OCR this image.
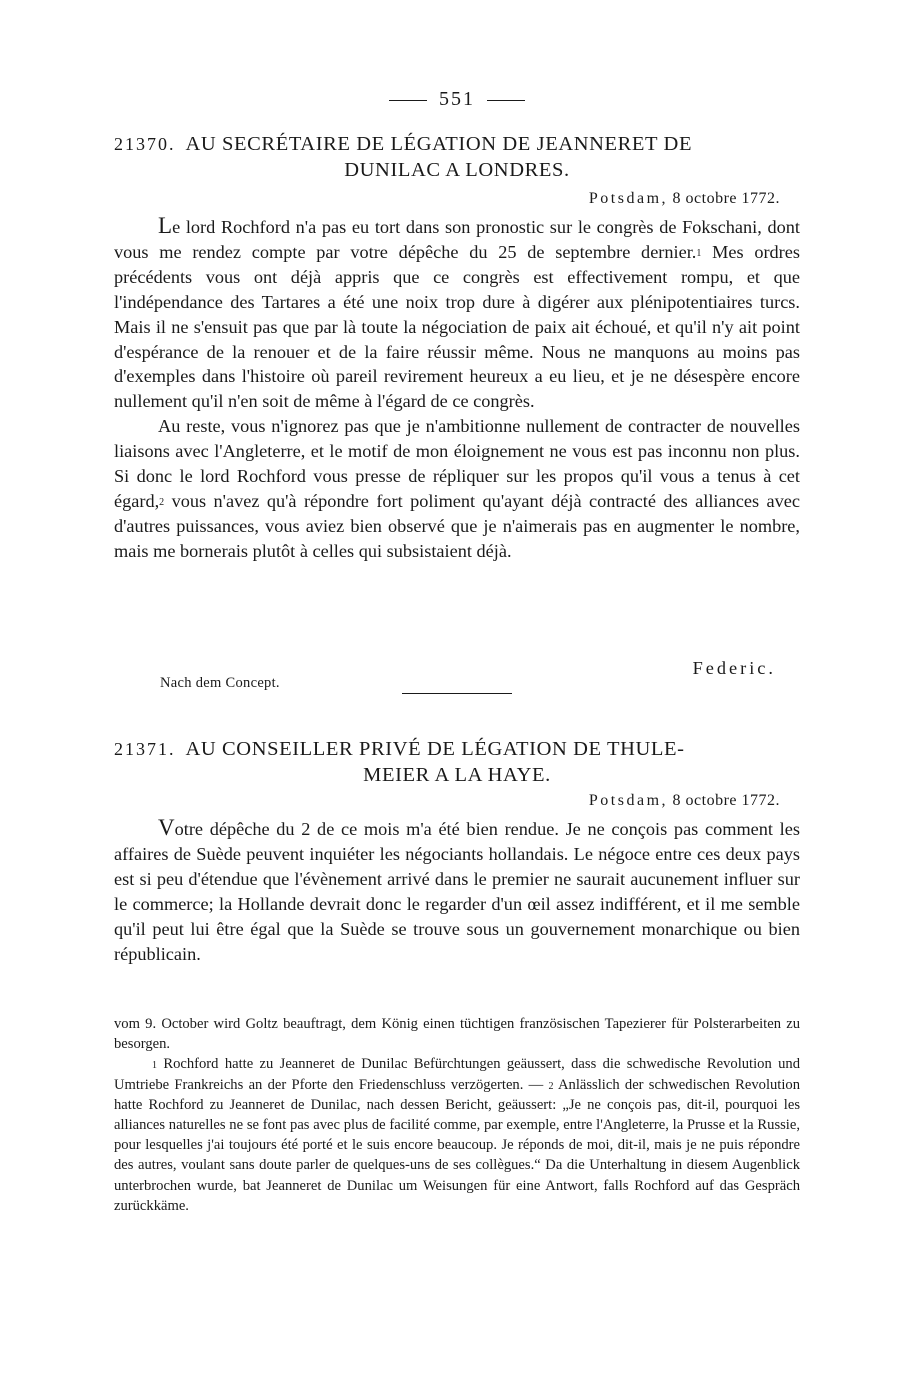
551
21370. AU SECRÉTAIRE DE LÉGATION DE JEANNERET DE
DUNILAC A LONDRES.
Potsdam, 8 octobre 1772.

Le lord Rochford n'a pas eu tort dans son pronostic sur le congrès de Fokschani, dont vous me rendez compte par votre dépêche du 25 de septembre dernier.$^1$ Mes ordres précédents vous ont déjà appris que ce congrès est effectivement rompu, et que l'indépendance des Tartares a été une noix trop dure à digérer aux plénipotentiaires turcs. Mais il ne s'ensuit pas que par là toute la négociation de paix ait échoué, et qu'il n'y ait point d'espérance de la renouer et de la faire réussir même. Nous ne manquons au moins pas d'exemples dans l'histoire où pareil revirement heureux a eu lieu, et je ne désespère encore nullement qu'il n'en soit de même à l'égard de ce congrès.

Au reste, vous n'ignorez pas que je n'ambitionne nullement de contracter de nouvelles liaisons avec l'Angleterre, et le motif de mon éloignement ne vous est pas inconnu non plus. Si donc le lord Rochford vous presse de répliquer sur les propos qu'il vous a tenus à cet égard,$^2$ vous n'avez qu'à répondre fort poliment qu'ayant déjà contracté des alliances avec d'autres puissances, vous aviez bien observé que je n'aimerais pas en augmenter le nombre, mais me bornerais plutôt à celles qui subsistaient déjà.

Federic.
Nach dem Concept.
21371. AU CONSEILLER PRIVÉ DE LÉGATION DE THULE-
MEIER A LA HAYE.
Potsdam, 8 octobre 1772.

Votre dépêche du 2 de ce mois m'a été bien rendue. Je ne conçois pas comment les affaires de Suède peuvent inquiéter les négociants hollandais. Le négoce entre ces deux pays est si peu d'étendue que l'évènement arrivé dans le premier ne saurait aucunement influer sur le commerce; la Hollande devrait donc le regarder d'un œil assez indifférent, et il me semble qu'il peut lui être égal que la Suède se trouve sous un gouvernement monarchique ou bien républicain.

vom 9. October wird Goltz beauftragt, dem König einen tüchtigen französischen Tapezierer für Polsterarbeiten zu besorgen.

$^1$ Rochford hatte zu Jeanneret de Dunilac Befürchtungen geäussert, dass die schwedische Revolution und Umtriebe Frankreichs an der Pforte den Friedenschluss verzögerten. — $^2$ Anlässlich der schwedischen Revolution hatte Rochford zu Jeanneret de Dunilac, nach dessen Bericht, geäussert: „Je ne conçois pas, dit-il, pourquoi les alliances naturelles ne se font pas avec plus de facilité comme, par exemple, entre l'Angleterre, la Prusse et la Russie, pour lesquelles j'ai toujours été porté et le suis encore beaucoup. Je réponds de moi, dit-il, mais je ne puis répondre des autres, voulant sans doute parler de quelques-uns de ses collègues.“ Da die Unterhaltung in diesem Augenblick unterbrochen wurde, bat Jeanneret de Dunilac um Weisungen für eine Antwort, falls Rochford auf das Gespräch zurückkäme.
